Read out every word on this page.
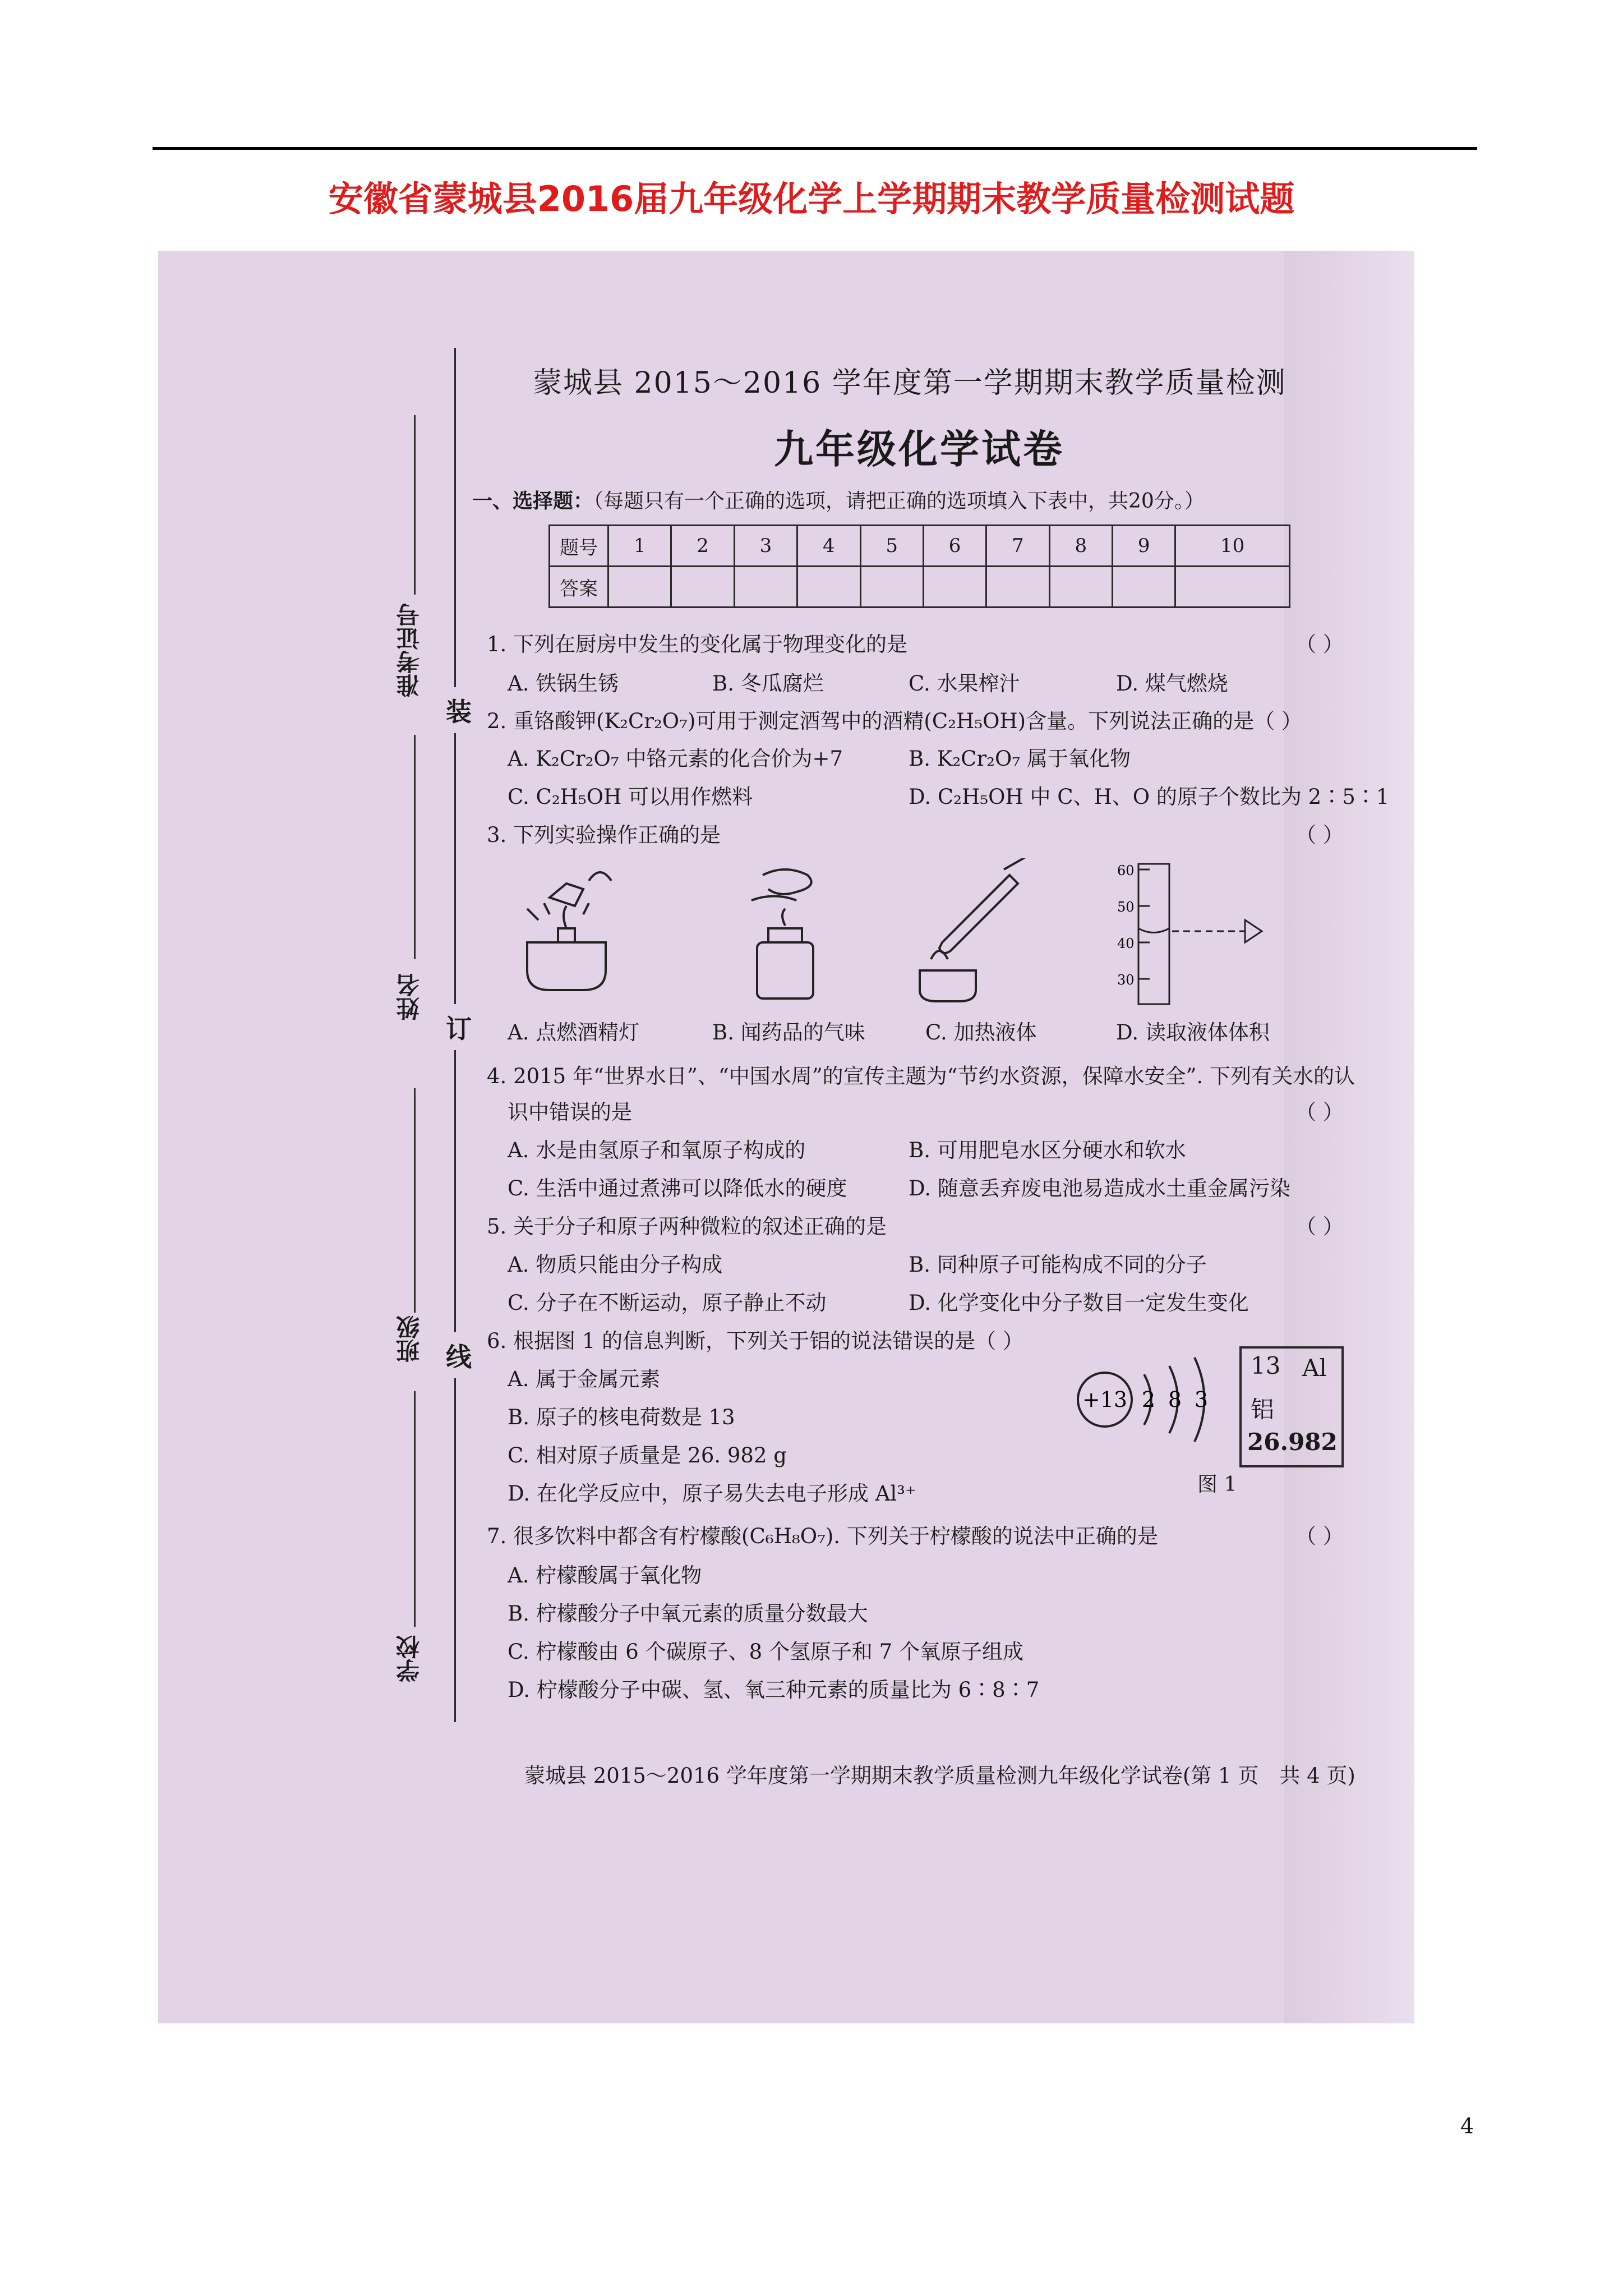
安徽省蒙城县2016届九年级化学上学期期末教学质量检测试题
装
订
线
准考证号
姓名
班级
学校
蒙城县 2015～2016 学年度第一学期期末教学质量检测
九年级化学试卷
一、选择题：（每题只有一个正确的选项，请把正确的选项填入下表中，共20分。）
题号	1	2	3	4	5	6	7	8	9	10
答案										
1. 下列在厨房中发生的变化属于物理变化的是	（ ）
A. 铁锅生锈	B. 冬瓜腐烂	C. 水果榨汁	D. 煤气燃烧
2. 重铬酸钾(K₂Cr₂O₇)可用于测定酒驾中的酒精(C₂H₅OH)含量。下列说法正确的是（ ）
A. K₂Cr₂O₇ 中铬元素的化合价为+7	B. K₂Cr₂O₇ 属于氧化物
C. C₂H₅OH 可以用作燃料	D. C₂H₅OH 中 C、H、O 的原子个数比为 2∶5∶1
3. 下列实验操作正确的是	（ ）
60
50
40
30
A. 点燃酒精灯	B. 闻药品的气味	C. 加热液体	D. 读取液体体积
4. 2015 年“世界水日”、“中国水周”的宣传主题为“节约水资源，保障水安全”. 下列有关水的认
识中错误的是	（ ）
A. 水是由氢原子和氧原子构成的	B. 可用肥皂水区分硬水和软水
C. 生活中通过煮沸可以降低水的硬度	D. 随意丢弃废电池易造成水土重金属污染
5. 关于分子和原子两种微粒的叙述正确的是	（ ）
A. 物质只能由分子构成	B. 同种原子可能构成不同的分子
C. 分子在不断运动，原子静止不动	D. 化学变化中分子数目一定发生变化
6. 根据图 1 的信息判断，下列关于铝的说法错误的是（ ）
A. 属于金属元素
B. 原子的核电荷数是 13
C. 相对原子质量是 26. 982 g
D. 在化学反应中，原子易失去电子形成 Al³⁺
+13 2 8 3
13 Al
铝
26.982
图 1
7. 很多饮料中都含有柠檬酸(C₆H₈O₇). 下列关于柠檬酸的说法中正确的是	（ ）
A. 柠檬酸属于氧化物
B. 柠檬酸分子中氧元素的质量分数最大
C. 柠檬酸由 6 个碳原子、8 个氢原子和 7 个氧原子组成
D. 柠檬酸分子中碳、氢、氧三种元素的质量比为 6∶8∶7
蒙城县 2015～2016 学年度第一学期期末教学质量检测九年级化学试卷(第 1 页　共 4 页)
4
